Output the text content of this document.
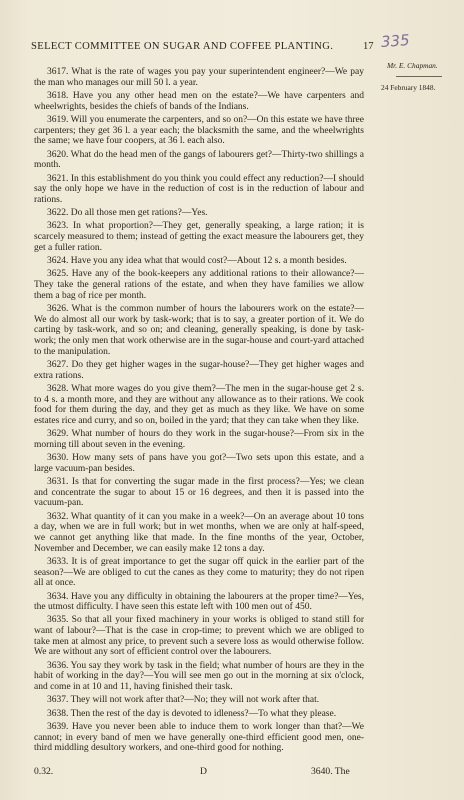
SELECT COMMITTEE ON SUGAR AND COFFEE PLANTING.	17 335
Mr. E. Chapman.
24 February 1848.

3617. What is the rate of wages you pay your superintendent engineer?—We pay the man who manages our mill 50 l. a year.

3618. Have you any other head men on the estate?—We have carpenters and wheelwrights, besides the chiefs of bands of the Indians.

3619. Will you enumerate the carpenters, and so on?—On this estate we have three carpenters; they get 36 l. a year each; the blacksmith the same, and the wheelwrights the same; we have four coopers, at 36 l. each also.

3620. What do the head men of the gangs of labourers get?—Thirty-two shillings a month.

3621. In this establishment do you think you could effect any reduction?—I should say the only hope we have in the reduction of cost is in the reduction of labour and rations.

3622. Do all those men get rations?—Yes.

3623. In what proportion?—They get, generally speaking, a large ration; it is scarcely measured to them; instead of getting the exact measure the labourers get, they get a fuller ration.

3624. Have you any idea what that would cost?—About 12 s. a month besides.

3625. Have any of the book-keepers any additional rations to their allowance?—They take the general rations of the estate, and when they have families we allow them a bag of rice per month.

3626. What is the common number of hours the labourers work on the estate?—We do almost all our work by task-work; that is to say, a greater portion of it. We do carting by task-work, and so on; and cleaning, generally speaking, is done by task-work; the only men that work otherwise are in the sugar-house and court-yard attached to the manipulation.

3627. Do they get higher wages in the sugar-house?—They get higher wages and extra rations.

3628. What more wages do you give them?—The men in the sugar-house get 2 s. to 4 s. a month more, and they are without any allowance as to their rations. We cook food for them during the day, and they get as much as they like. We have on some estates rice and curry, and so on, boiled in the yard; that they can take when they like.

3629. What number of hours do they work in the sugar-house?—From six in the morning till about seven in the evening.

3630. How many sets of pans have you got?—Two sets upon this estate, and a large vacuum-pan besides.

3631. Is that for converting the sugar made in the first process?—Yes; we clean and concentrate the sugar to about 15 or 16 degrees, and then it is passed into the vacuum-pan.

3632. What quantity of it can you make in a week?—On an average about 10 tons a day, when we are in full work; but in wet months, when we are only at half-speed, we cannot get anything like that made. In the fine months of the year, October, November and December, we can easily make 12 tons a day.

3633. It is of great importance to get the sugar off quick in the earlier part of the season?—We are obliged to cut the canes as they come to maturity; they do not ripen all at once.

3634. Have you any difficulty in obtaining the labourers at the proper time?—Yes, the utmost difficulty. I have seen this estate left with 100 men out of 450.

3635. So that all your fixed machinery in your works is obliged to stand still for want of labour?—That is the case in crop-time; to prevent which we are obliged to take men at almost any price, to prevent such a severe loss as would otherwise follow. We are without any sort of efficient control over the labourers.

3636. You say they work by task in the field; what number of hours are they in the habit of working in the day?—You will see men go out in the morning at six o'clock, and come in at 10 and 11, having finished their task.

3637. They will not work after that?—No; they will not work after that.

3638. Then the rest of the day is devoted to idleness?—To what they please.

3639. Have you never been able to induce them to work longer than that?—We cannot; in every band of men we have generally one-third efficient good men, one-third middling desultory workers, and one-third good for nothing.

0.32.	D	3640. The
